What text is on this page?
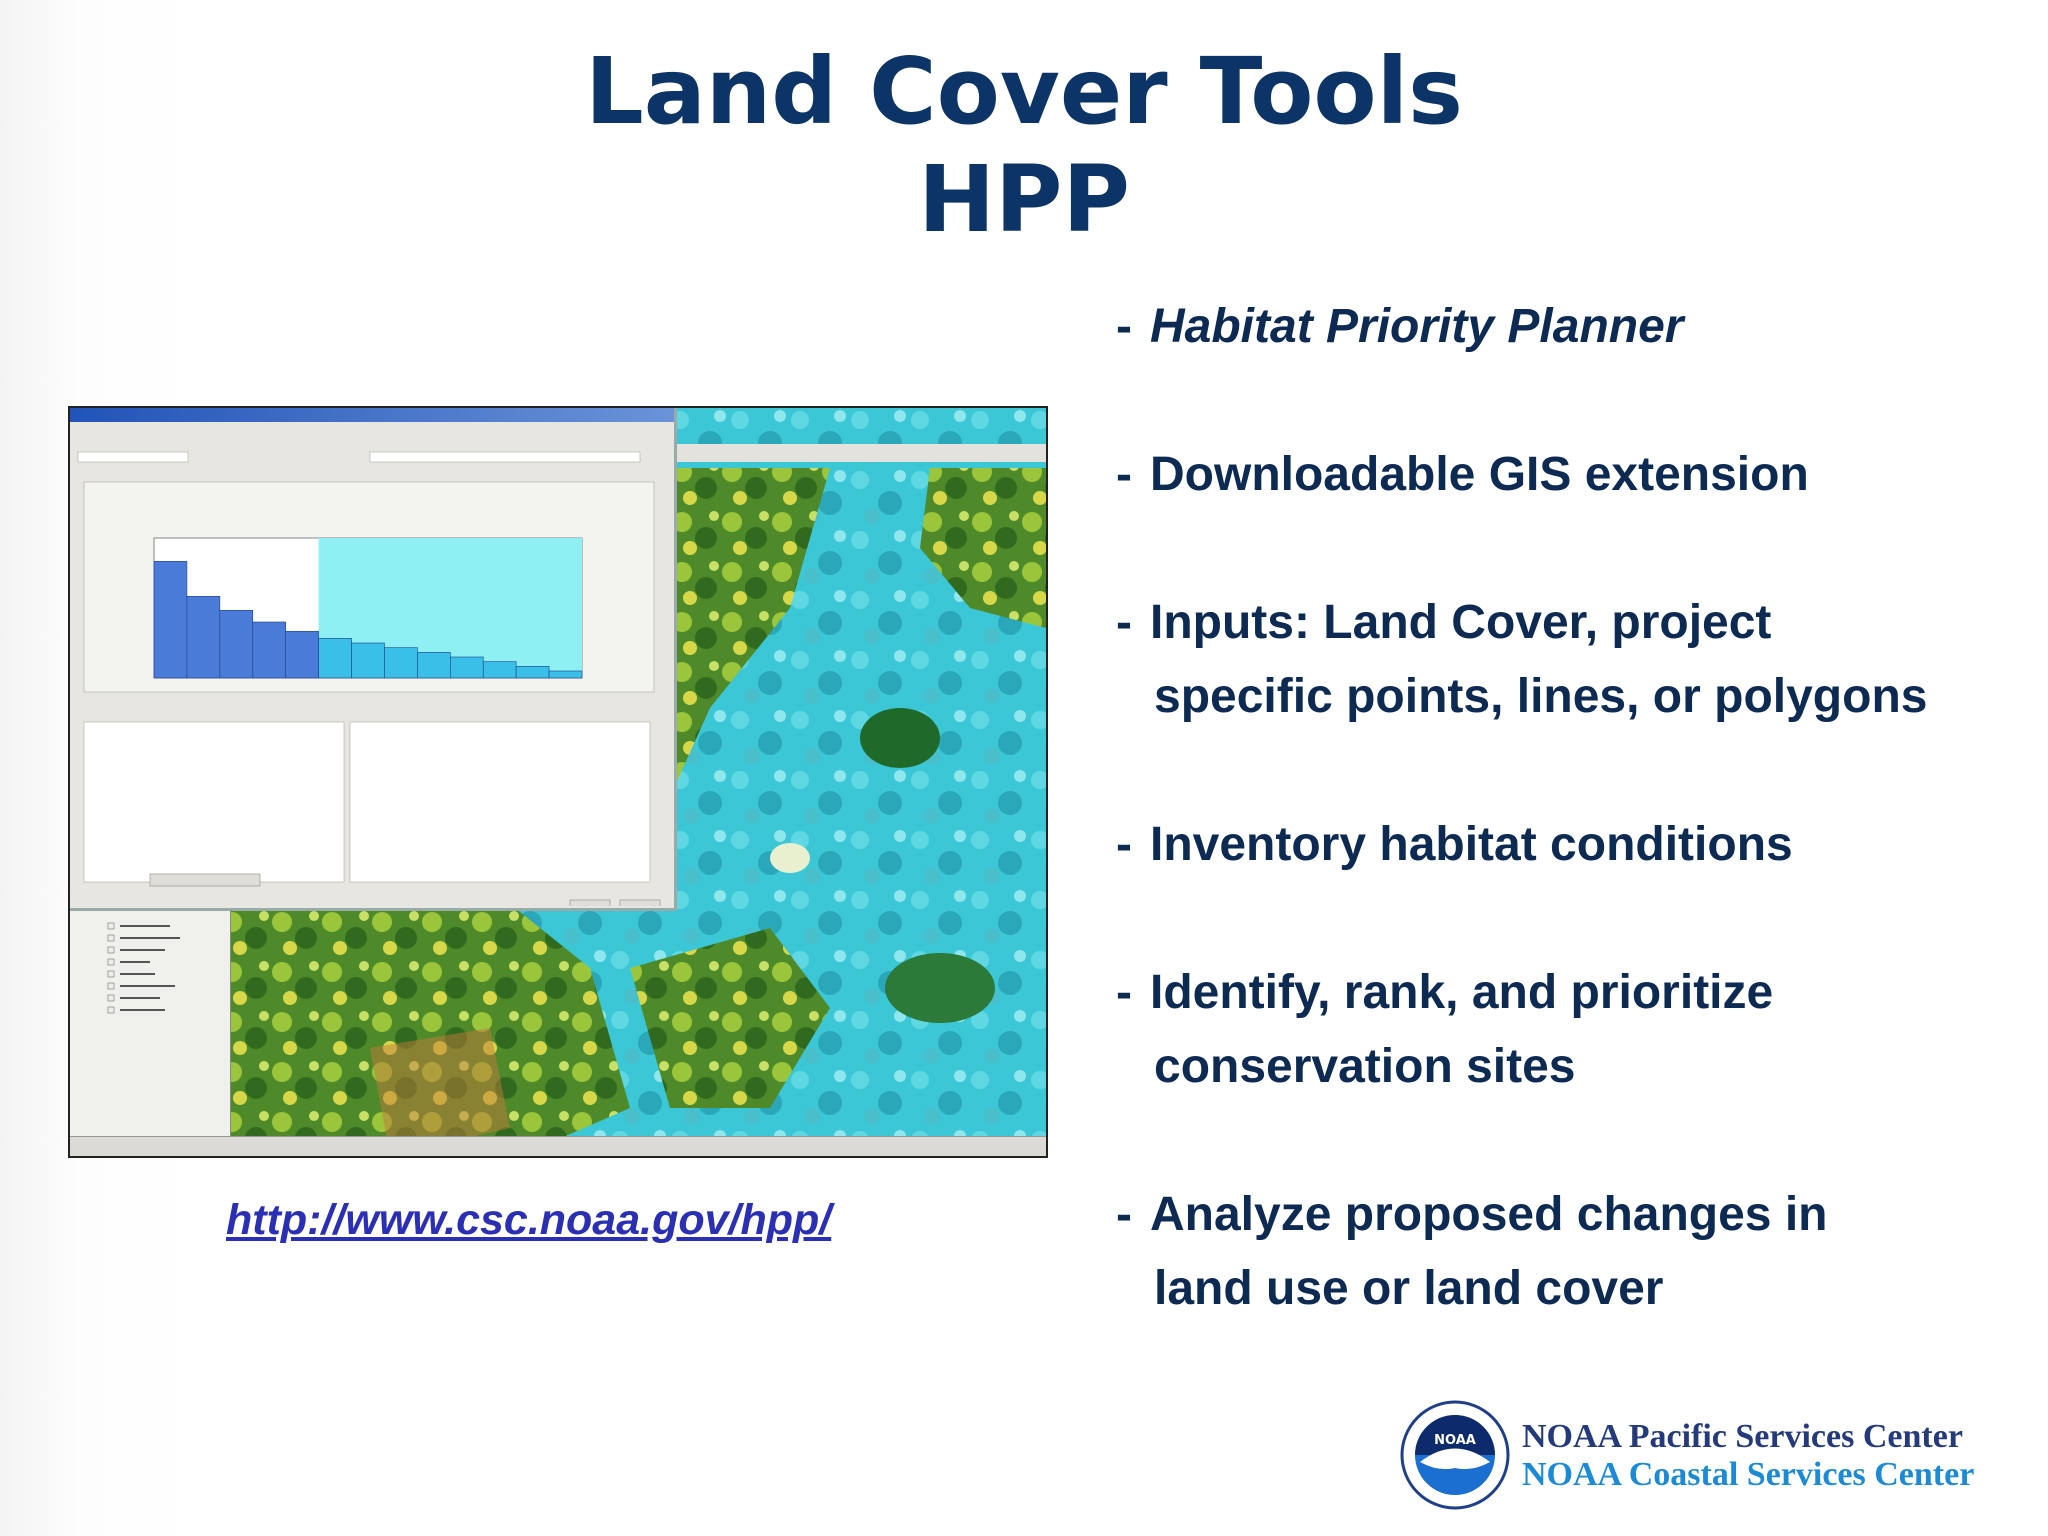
Land Cover Tools
HPP
http://www.csc.noaa.gov/hpp/
- Habitat Priority Planner
- Downloadable GIS extension
- Inputs: Land Cover, project
specific points, lines, or polygons
- Inventory habitat conditions
- Identify, rank, and prioritize
conservation sites
- Analyze proposed changes in
land use or land cover
NOAA NOAA Pacific Services Center
NOAA Coastal Services Center
